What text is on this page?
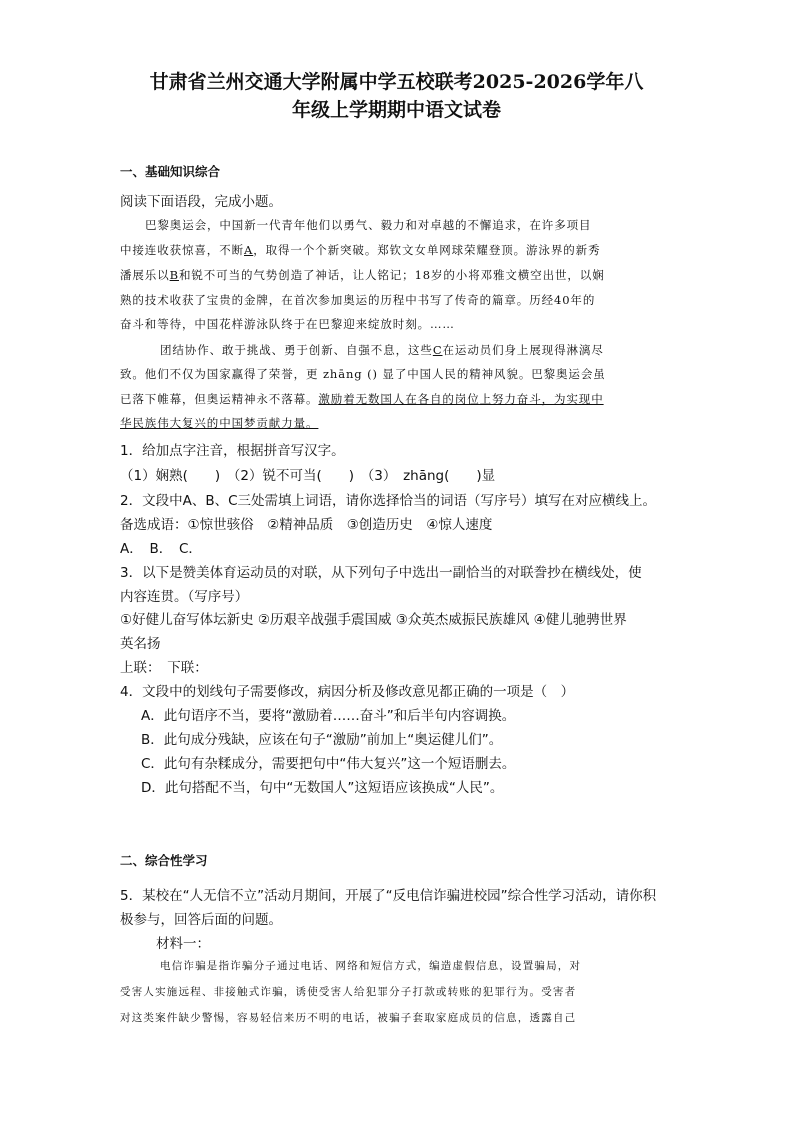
甘肃省兰州交通大学附属中学五校联考2025-2026学年八
年级上学期期中语文试卷
一、基础知识综合
阅读下面语段，完成小题。
巴黎奥运会，中国新一代青年他们以勇气、毅力和对卓越的不懈追求，在许多项目
中接连收获惊喜，不断A，取得一个个新突破。郑钦文女单网球荣耀登顶。游泳界的新秀
潘展乐以B和锐不可当的气势创造了神话，让人铭记；18岁的小将邓雅文横空出世，以娴
熟的技术收获了宝贵的金牌，在首次参加奥运的历程中书写了传奇的篇章。历经40年的
奋斗和等待，中国花样游泳队终于在巴黎迎来绽放时刻。……
团结协作、敢于挑战、勇于创新、自强不息，这些C在运动员们身上展现得淋漓尽
致。他们不仅为国家赢得了荣誉，更 zhāng () 显了中国人民的精神风貌。巴黎奥运会虽
已落下帷幕，但奥运精神永不落幕。激励着无数国人在各自的岗位上努力奋斗，为实现中
华民族伟大复兴的中国梦贡献力量。
1．给加点字注音，根据拼音写汉字。
（1）娴熟(　　)　（2）锐不可当(　　)　（3）　zhāng(　　)显
2．文段中A、B、C三处需填上词语，请你选择恰当的词语（写序号）填写在对应横线上。
备选成语：①惊世骇俗　②精神品质　③创造历史　④惊人速度
A．　B．　C．
3．以下是赞美体育运动员的对联，从下列句子中选出一副恰当的对联誊抄在横线处，使
内容连贯。（写序号）
①好健儿奋写体坛新史 ②历艰辛战强手震国威 ③众英杰威振民族雄风 ④健儿驰骋世界
英名扬
上联：　下联：
4．文段中的划线句子需要修改，病因分析及修改意见都正确的一项是（　）
A．此句语序不当，要将“激励着……奋斗”和后半句内容调换。
B．此句成分残缺，应该在句子“激励”前加上“奥运健儿们”。
C．此句有杂糅成分，需要把句中“伟大复兴”这一个短语删去。
D．此句搭配不当，句中“无数国人”这短语应该换成“人民”。
二、综合性学习
5．某校在“人无信不立”活动月期间，开展了“反电信诈骗进校园”综合性学习活动，请你积
极参与，回答后面的问题。
材料一：
电信诈骗是指诈骗分子通过电话、网络和短信方式，编造虚假信息，设置骗局，对
受害人实施远程、非接触式诈骗，诱使受害人给犯罪分子打款或转账的犯罪行为。受害者
对这类案件缺少警惕，容易轻信来历不明的电话，被骗子套取家庭成员的信息，透露自己
